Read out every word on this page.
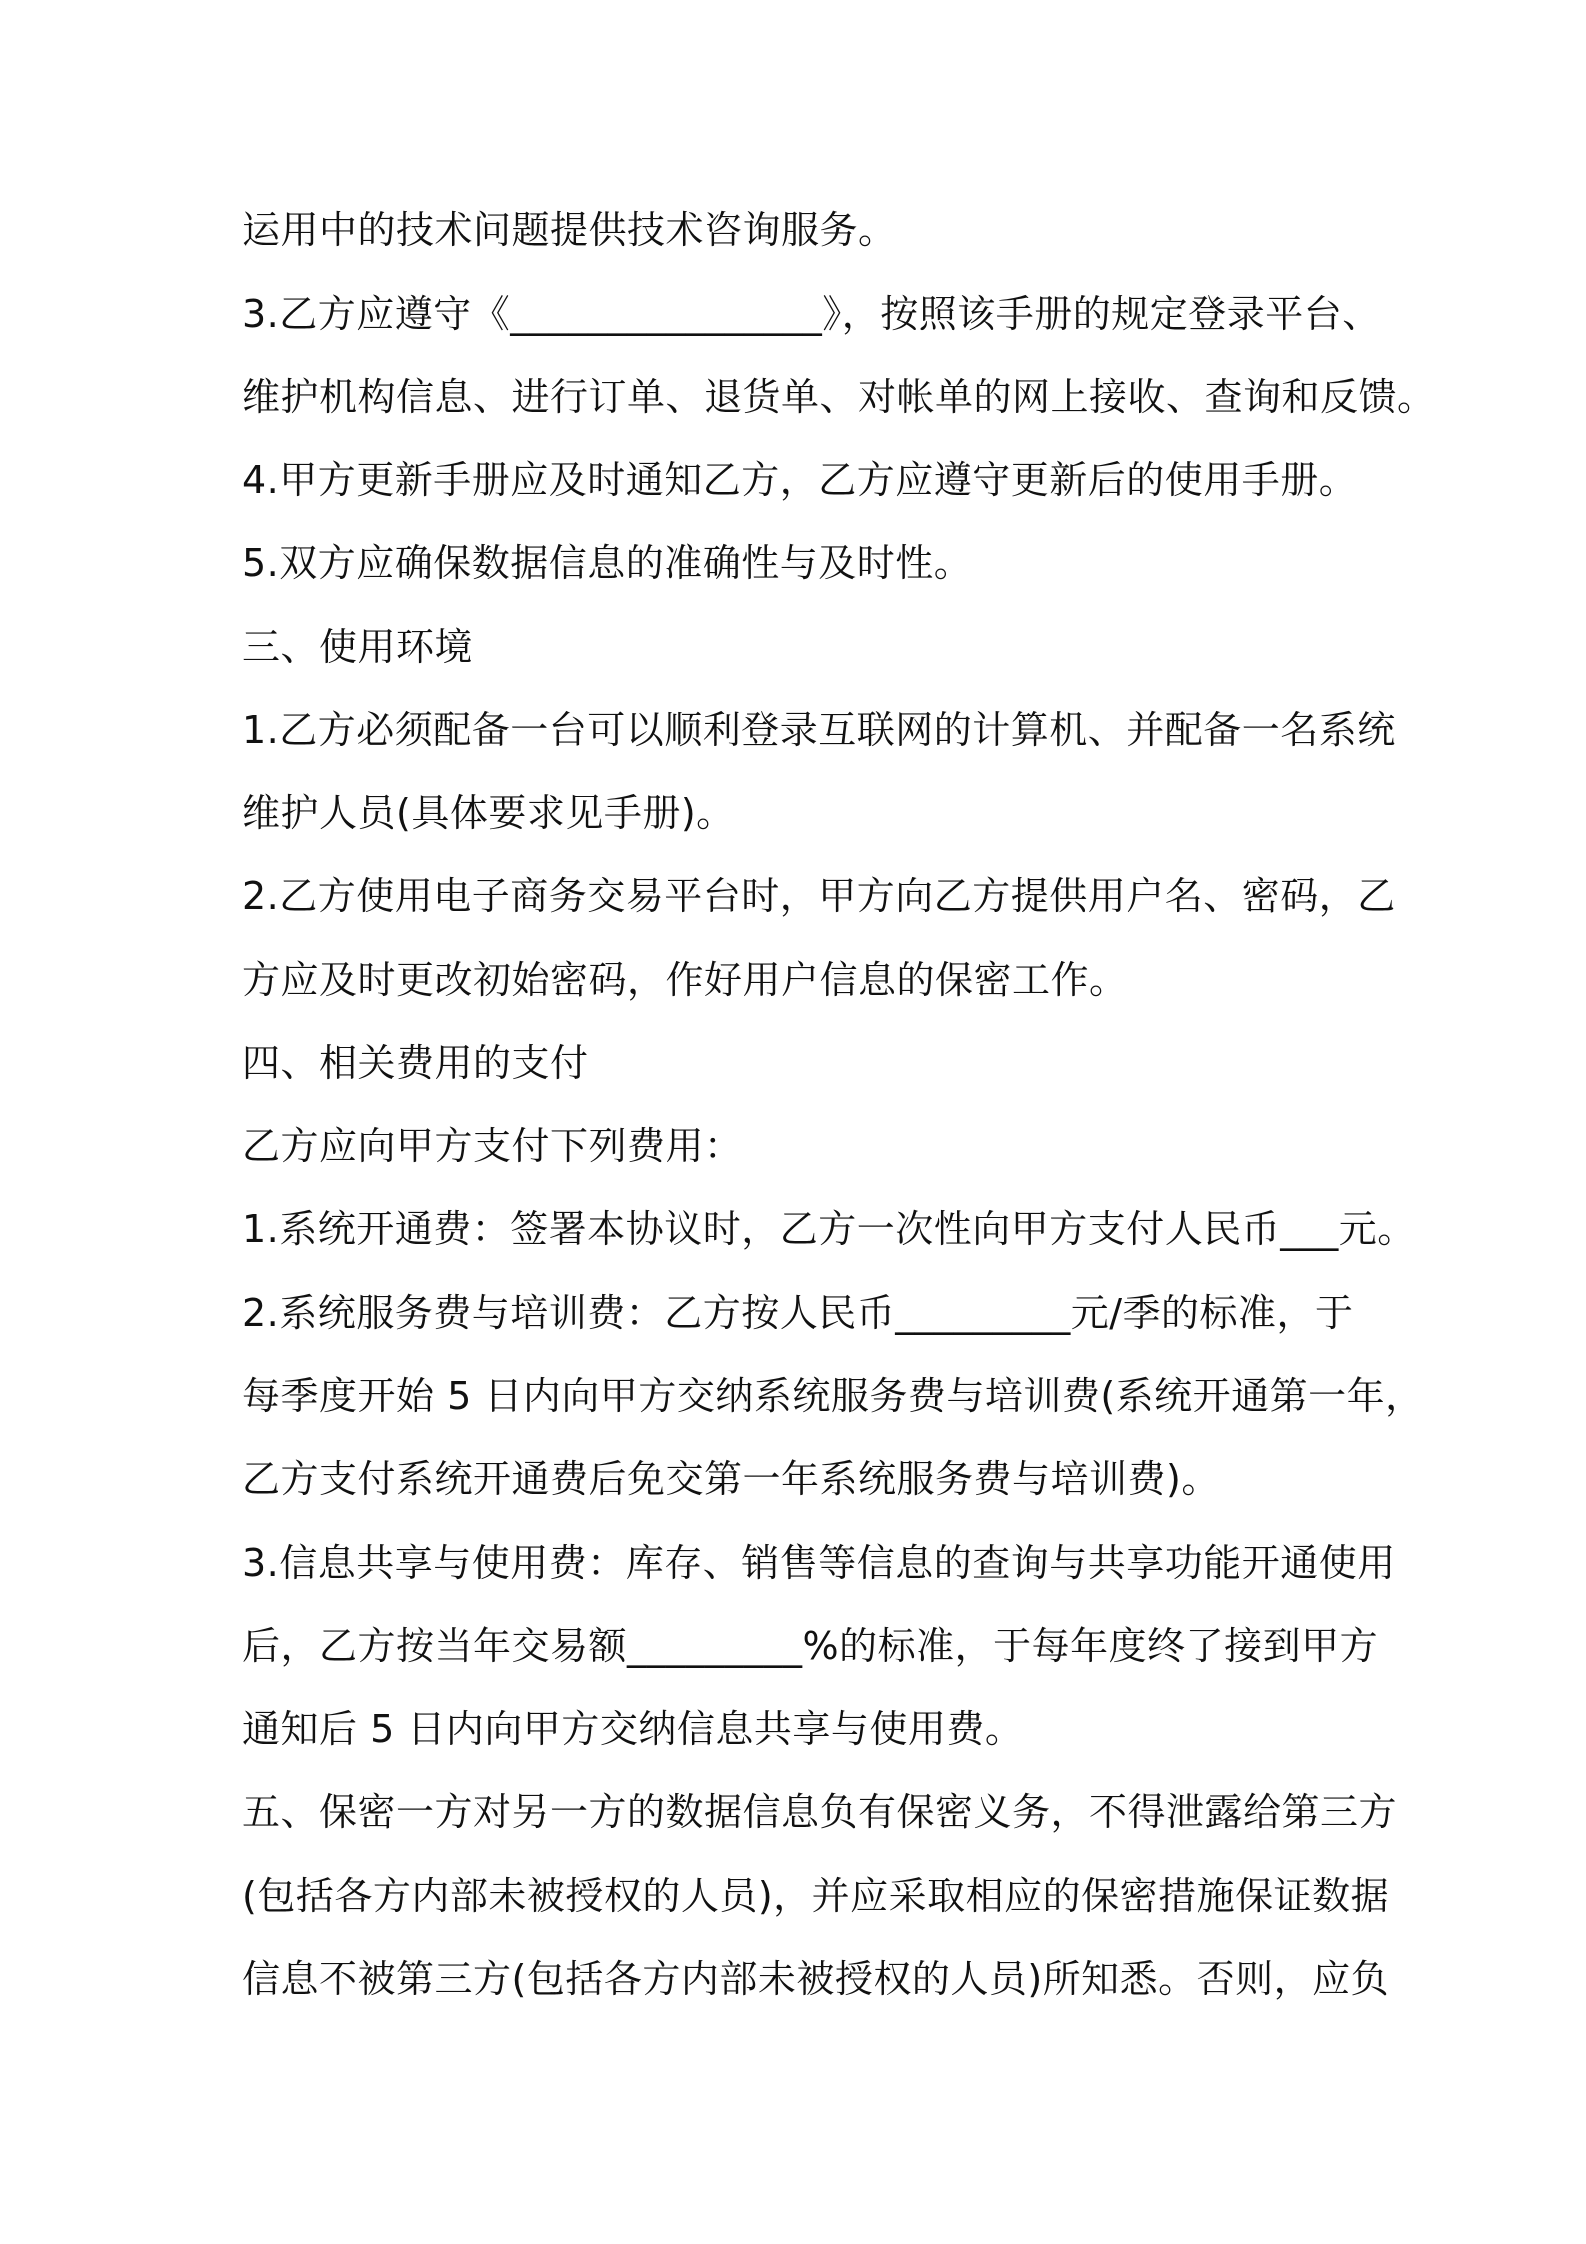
运用中的技术问题提供技术咨询服务。
3.乙方应遵守《________________》，按照该手册的规定登录平台、
维护机构信息、进行订单、退货单、对帐单的网上接收、查询和反馈。
4.甲方更新手册应及时通知乙方，乙方应遵守更新后的使用手册。
5.双方应确保数据信息的准确性与及时性。
三、使用环境
1.乙方必须配备一台可以顺利登录互联网的计算机、并配备一名系统
维护人员(具体要求见手册)。
2.乙方使用电子商务交易平台时，甲方向乙方提供用户名、密码，乙
方应及时更改初始密码，作好用户信息的保密工作。
四、相关费用的支付
乙方应向甲方支付下列费用：
1.系统开通费：签署本协议时，乙方一次性向甲方支付人民币___元。
2.系统服务费与培训费：乙方按人民币_________元/季的标准，于
每季度开始 5 日内向甲方交纳系统服务费与培训费(系统开通第一年，
乙方支付系统开通费后免交第一年系统服务费与培训费)。
3.信息共享与使用费：库存、销售等信息的查询与共享功能开通使用
后，乙方按当年交易额_________%的标准，于每年度终了接到甲方
通知后 5 日内向甲方交纳信息共享与使用费。
五、保密一方对另一方的数据信息负有保密义务，不得泄露给第三方
(包括各方内部未被授权的人员)，并应采取相应的保密措施保证数据
信息不被第三方(包括各方内部未被授权的人员)所知悉。否则，应负
